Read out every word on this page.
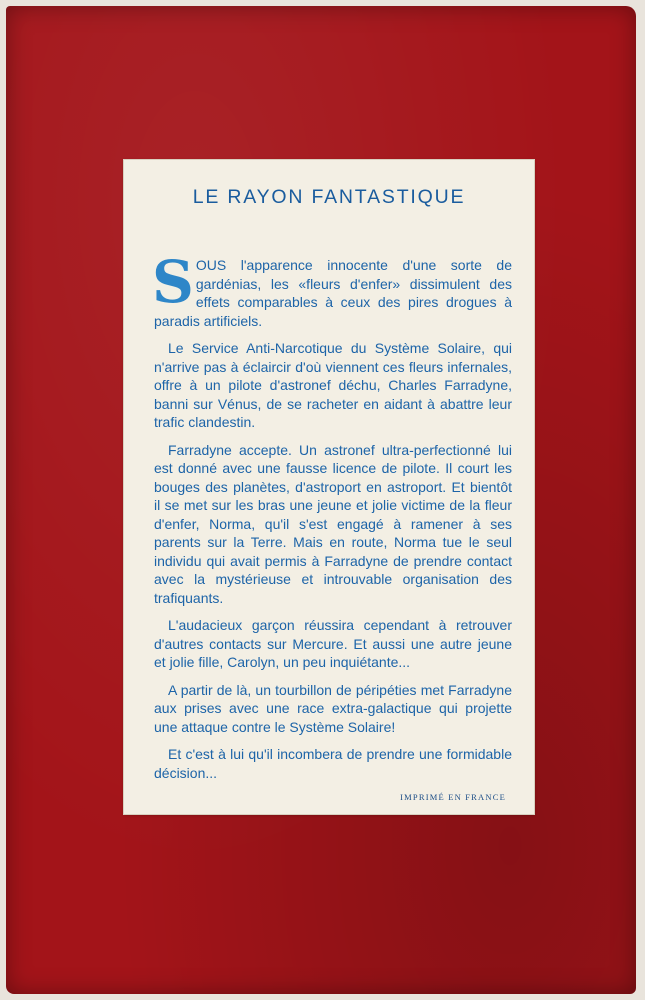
LE RAYON FANTASTIQUE

SOUS l'apparence innocente d'une sorte de gardénias, les «fleurs d'enfer» dissimulent des effets comparables à ceux des pires drogues à paradis artificiels.

Le Service Anti-Narcotique du Système Solaire, qui n'arrive pas à éclaircir d'où viennent ces fleurs infernales, offre à un pilote d'astronef déchu, Charles Farradyne, banni sur Vénus, de se racheter en aidant à abattre leur trafic clandestin.

Farradyne accepte. Un astronef ultra-perfectionné lui est donné avec une fausse licence de pilote. Il court les bouges des planètes, d'astroport en astroport. Et bientôt il se met sur les bras une jeune et jolie victime de la fleur d'enfer, Norma, qu'il s'est engagé à ramener à ses parents sur la Terre. Mais en route, Norma tue le seul individu qui avait permis à Farradyne de prendre contact avec la mystérieuse et introuvable organisation des trafiquants.

L'audacieux garçon réussira cependant à retrouver d'autres contacts sur Mercure. Et aussi une autre jeune et jolie fille, Carolyn, un peu inquiétante...

A partir de là, un tourbillon de péripéties met Farradyne aux prises avec une race extra-galactique qui projette une attaque contre le Système Solaire!

Et c'est à lui qu'il incombera de prendre une formidable décision...

IMPRIMÉ EN FRANCE
